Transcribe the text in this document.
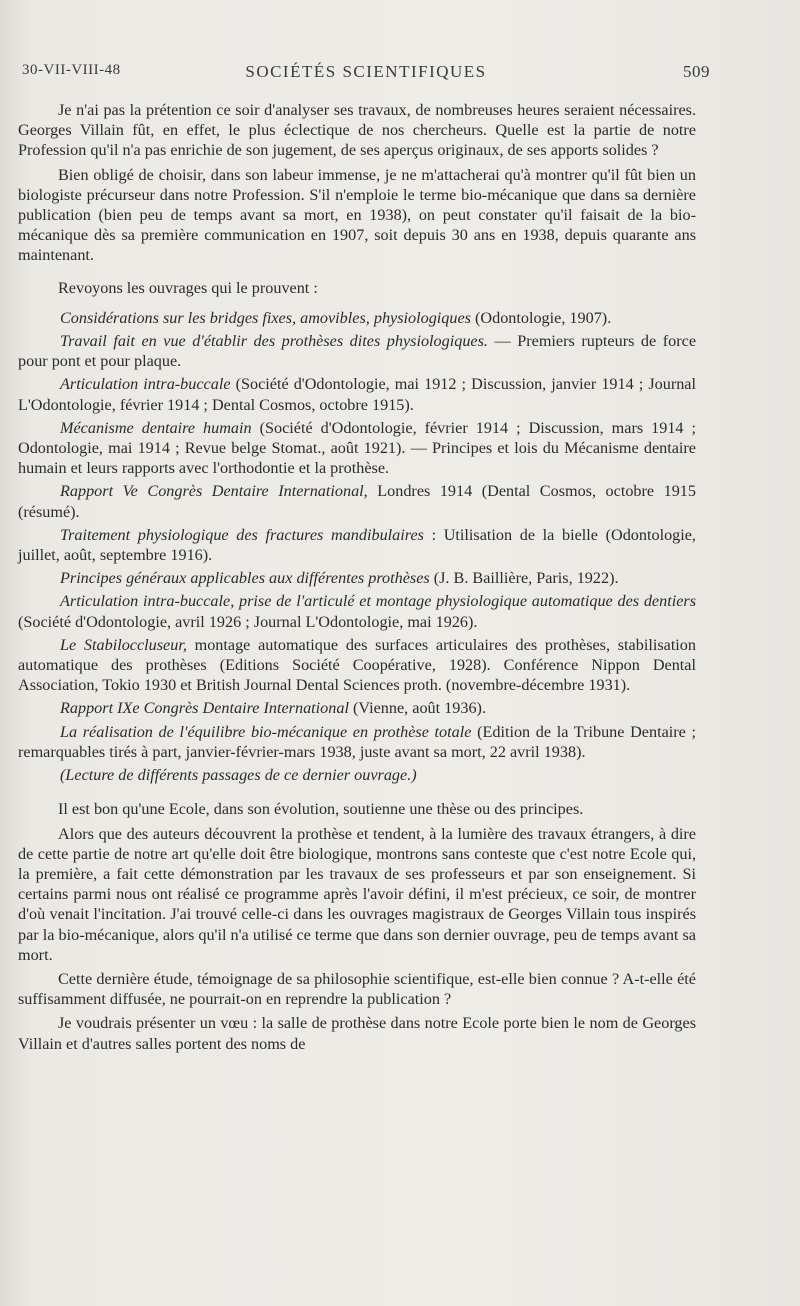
30-VII-VIII-48	SOCIÉTÉS SCIENTIFIQUES	509

Je n'ai pas la prétention ce soir d'analyser ses travaux, de nombreuses heures seraient nécessaires. Georges Villain fût, en effet, le plus éclectique de nos chercheurs. Quelle est la partie de notre Profession qu'il n'a pas enrichie de son jugement, de ses aperçus originaux, de ses apports solides ?

Bien obligé de choisir, dans son labeur immense, je ne m'attacherai qu'à montrer qu'il fût bien un biologiste précurseur dans notre Profession. S'il n'emploie le terme bio-mécanique que dans sa dernière publication (bien peu de temps avant sa mort, en 1938), on peut constater qu'il faisait de la bio-mécanique dès sa première communication en 1907, soit depuis 30 ans en 1938, depuis quarante ans maintenant.

Revoyons les ouvrages qui le prouvent :

Considérations sur les bridges fixes, amovibles, physiologiques (Odontologie, 1907).

Travail fait en vue d'établir des prothèses dites physiologiques. — Premiers rupteurs de force pour pont et pour plaque.

Articulation intra-buccale (Société d'Odontologie, mai 1912 ; Discussion, janvier 1914 ; Journal L'Odontologie, février 1914 ; Dental Cosmos, octobre 1915).

Mécanisme dentaire humain (Société d'Odontologie, février 1914 ; Discussion, mars 1914 ; Odontologie, mai 1914 ; Revue belge Stomat., août 1921). — Principes et lois du Mécanisme dentaire humain et leurs rapports avec l'orthodontie et la prothèse.

Rapport Ve Congrès Dentaire International, Londres 1914 (Dental Cosmos, octobre 1915 (résumé).

Traitement physiologique des fractures mandibulaires : Utilisation de la bielle (Odontologie, juillet, août, septembre 1916).

Principes généraux applicables aux différentes prothèses (J. B. Baillière, Paris, 1922).

Articulation intra-buccale, prise de l'articulé et montage physiologique automatique des dentiers (Société d'Odontologie, avril 1926 ; Journal L'Odontologie, mai 1926).

Le Stabiloccluseur, montage automatique des surfaces articulaires des prothèses, stabilisation automatique des prothèses (Editions Société Coopérative, 1928). Conférence Nippon Dental Association, Tokio 1930 et British Journal Dental Sciences proth. (novembre-décembre 1931).

Rapport IXe Congrès Dentaire International (Vienne, août 1936).

La réalisation de l'équilibre bio-mécanique en prothèse totale (Edition de la Tribune Dentaire ; remarquables tirés à part, janvier-février-mars 1938, juste avant sa mort, 22 avril 1938).

(Lecture de différents passages de ce dernier ouvrage.)

Il est bon qu'une Ecole, dans son évolution, soutienne une thèse ou des principes.

Alors que des auteurs découvrent la prothèse et tendent, à la lumière des travaux étrangers, à dire de cette partie de notre art qu'elle doit être biologique, montrons sans conteste que c'est notre Ecole qui, la première, a fait cette démonstration par les travaux de ses professeurs et par son enseignement. Si certains parmi nous ont réalisé ce programme après l'avoir défini, il m'est précieux, ce soir, de montrer d'où venait l'incitation. J'ai trouvé celle-ci dans les ouvrages magistraux de Georges Villain tous inspirés par la bio-mécanique, alors qu'il n'a utilisé ce terme que dans son dernier ouvrage, peu de temps avant sa mort.

Cette dernière étude, témoignage de sa philosophie scientifique, est-elle bien connue ? A-t-elle été suffisamment diffusée, ne pourrait-on en reprendre la publication ?

Je voudrais présenter un vœu : la salle de prothèse dans notre Ecole porte bien le nom de Georges Villain et d'autres salles portent des noms de
